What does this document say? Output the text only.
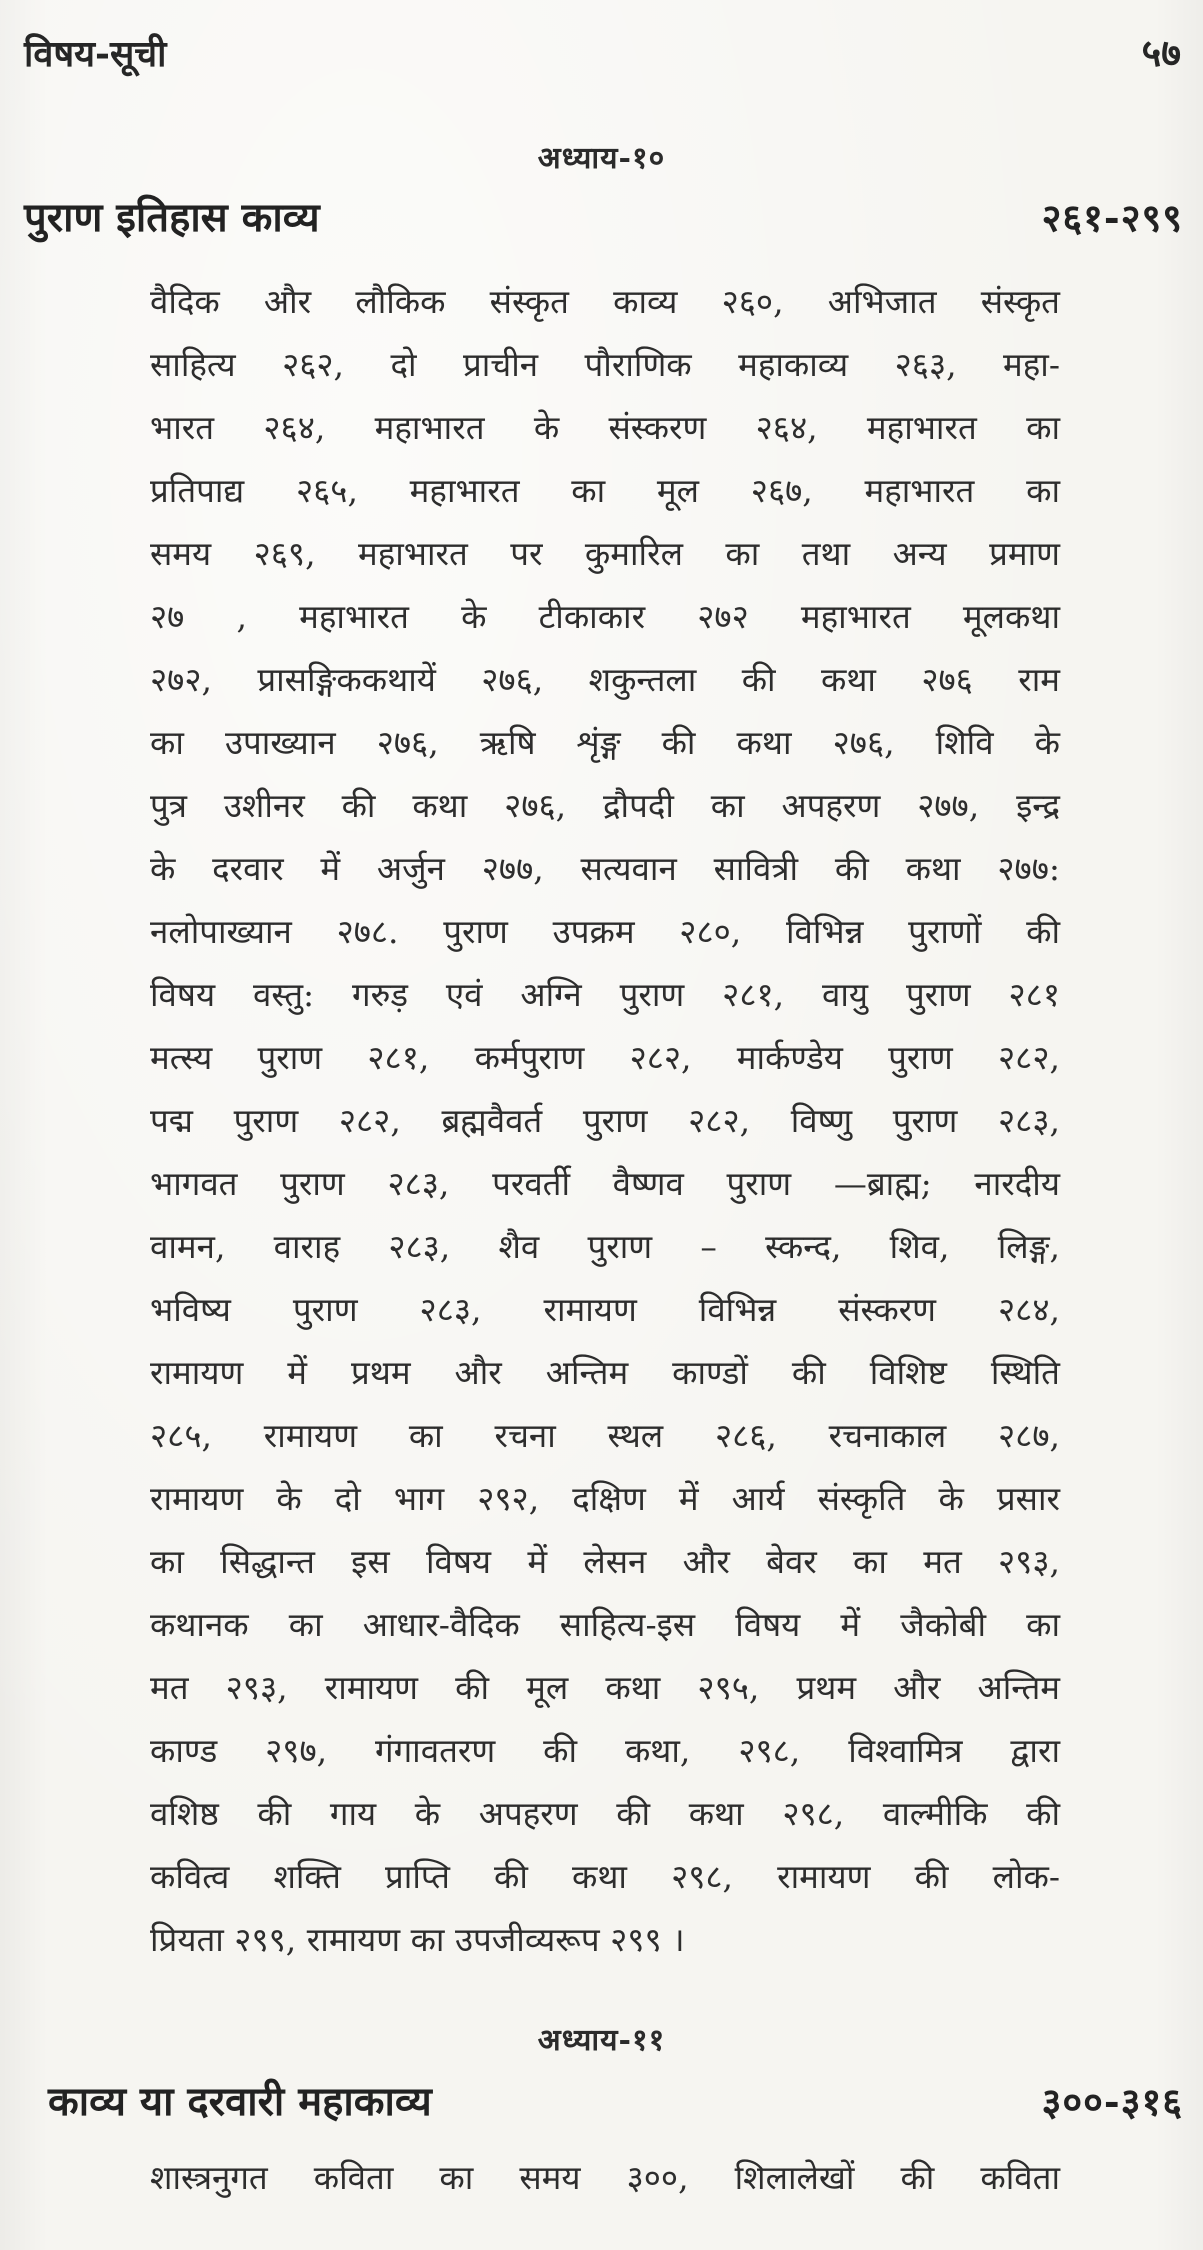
विषय-सूची	५७
अध्याय-१०
पुराण इतिहास काव्य	२६१-२९९
वैदिक और लौकिक संस्कृत काव्य २६०, अभिजात संस्कृत
साहित्य २६२, दो प्राचीन पौराणिक महाकाव्य २६३, महा-
भारत २६४, महाभारत के संस्करण २६४, महाभारत का
प्रतिपाद्य २६५, महाभारत का मूल २६७, महाभारत का
समय २६९, महाभारत पर कुमारिल का तथा अन्य प्रमाण
२७ , महाभारत के टीकाकार २७२ महाभारत मूलकथा
२७२, प्रासङ्गिककथायें २७६, शकुन्तला की कथा २७६ राम
का उपाख्यान २७६, ऋषि शृंङ्ग की कथा २७६, शिवि के
पुत्र उशीनर की कथा २७६, द्रौपदी का अपहरण २७७, इन्द्र
के दरवार में अर्जुन २७७, सत्यवान सावित्री की कथा २७७:
नलोपाख्यान २७८. पुराण उपक्रम २८०, विभिन्न पुराणों की
विषय वस्तु: गरुड़ एवं अग्नि पुराण २८१, वायु पुराण २८१
मत्स्य पुराण २८१, कर्मपुराण २८२, मार्कण्डेय पुराण २८२,
पद्म पुराण २८२, ब्रह्मवैवर्त पुराण २८२, विष्णु पुराण २८३,
भागवत पुराण २८३, परवर्ती वैष्णव पुराण —ब्राह्म; नारदीय
वामन, वाराह २८३, शैव पुराण – स्कन्द, शिव, लिङ्ग,
भविष्य पुराण २८३, रामायण विभिन्न संस्करण २८४,
रामायण में प्रथम और अन्तिम काण्डों की विशिष्ट स्थिति
२८५, रामायण का रचना स्थल २८६, रचनाकाल २८७,
रामायण के दो भाग २९२, दक्षिण में आर्य संस्कृति के प्रसार
का सिद्धान्त इस विषय में लेसन और बेवर का मत २९३,
कथानक का आधार-वैदिक साहित्य-इस विषय में जैकोबी का
मत २९३, रामायण की मूल कथा २९५, प्रथम और अन्तिम
काण्ड २९७, गंगावतरण की कथा, २९८, विश्वामित्र द्वारा
वशिष्ठ की गाय के अपहरण की कथा २९८, वाल्मीकि की
कवित्व शक्ति प्राप्ति की कथा २९८, रामायण की लोक-
प्रियता २९९, रामायण का उपजीव्यरूप २९९ ।
अध्याय-११
काव्य या दरवारी महाकाव्य	३००-३१६
शास्त्रनुगत कविता का समय ३००, शिलालेखों की कविता
